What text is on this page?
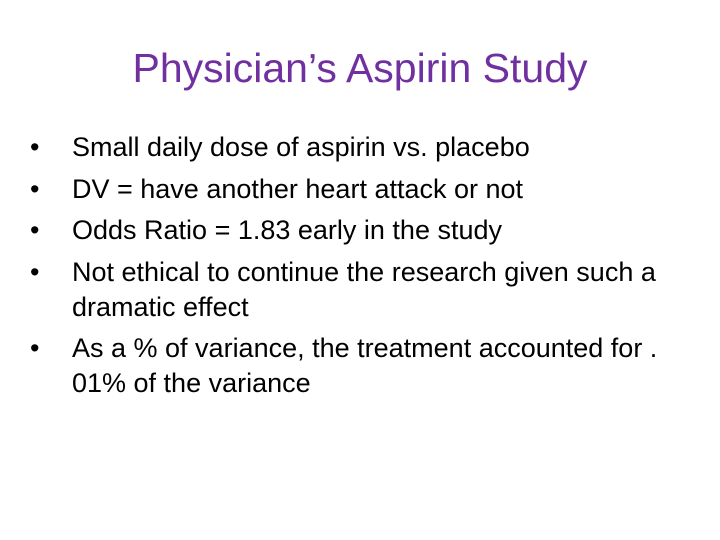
Physician’s Aspirin Study
•	Small daily dose of aspirin vs. placebo
•	DV = have another heart attack or not
•	Odds Ratio = 1.83 early in the study
•	Not ethical to continue the research given such a dramatic effect
•	As a % of variance, the treatment accounted for . 01% of the variance
